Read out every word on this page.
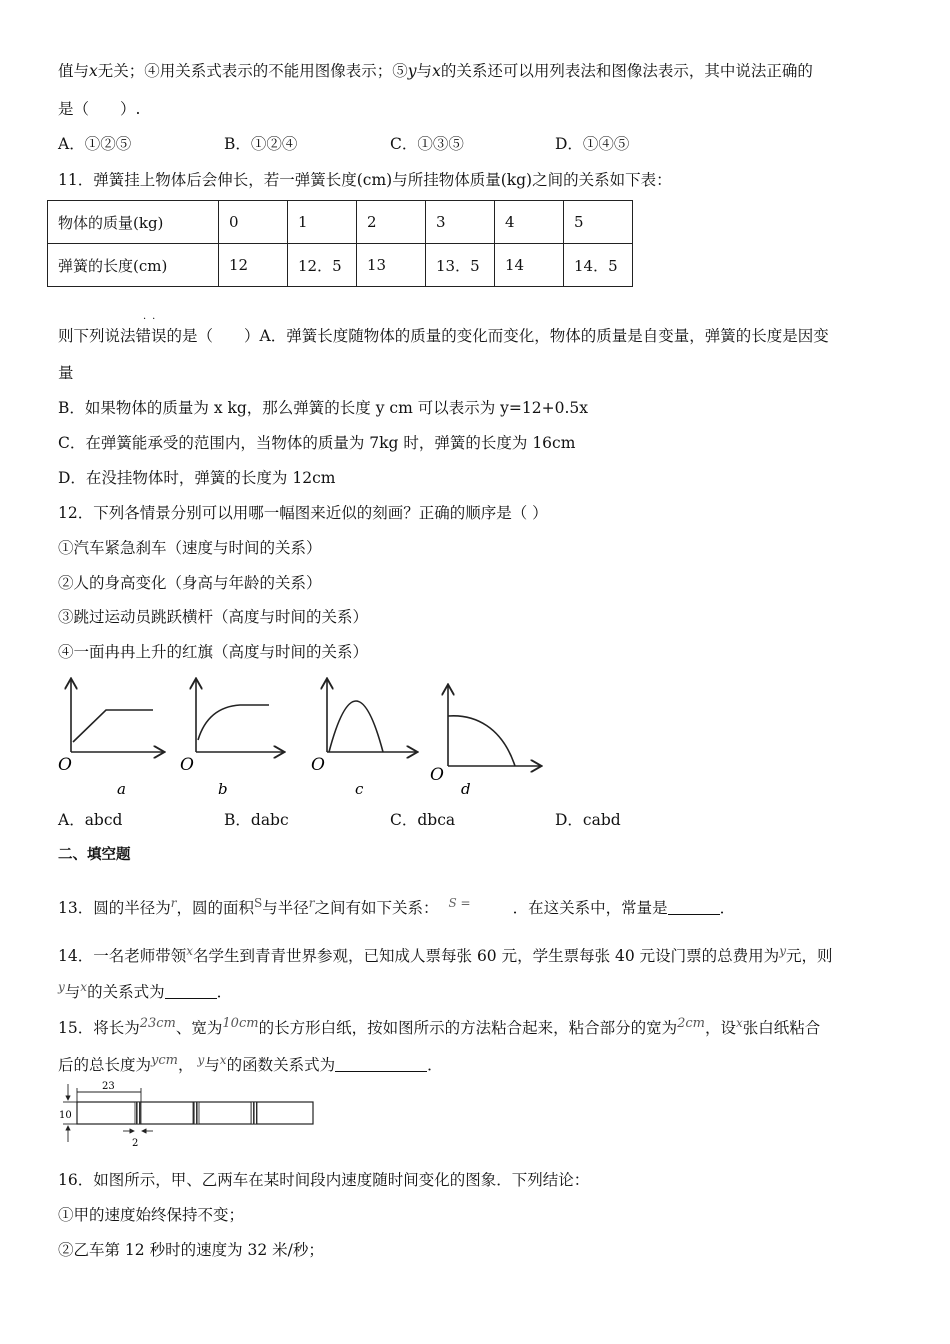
值与x无关；④用关系式表示的不能用图像表示；⑤y与x的关系还可以用列表法和图像法表示，其中说法正确的
是（　　）.
A．①②⑤	B．①②④	C．①③⑤	D．①④⑤
11．弹簧挂上物体后会伸长，若一弹簧长度(cm)与所挂物体质量(kg)之间的关系如下表：
物体的质量(kg)	0	1	2	3	4	5
弹簧的长度(cm)	12	12．5	13	13．5	14	14．5
··
则下列说法错误的是（　　）A．弹簧长度随物体的质量的变化而变化，物体的质量是自变量，弹簧的长度是因变
量
B．如果物体的质量为 x kg，那么弹簧的长度 y cm 可以表示为 y=12+0.5x
C．在弹簧能承受的范围内，当物体的质量为 7kg 时，弹簧的长度为 16cm
D．在没挂物体时，弹簧的长度为 12cm
12．下列各情景分别可以用哪一幅图来近似的刻画？正确的顺序是（ ）
①汽车紧急刹车（速度与时间的关系）
②人的身高变化（身高与年龄的关系）
③跳过运动员跳跃横杆（高度与时间的关系）
④一面冉冉上升的红旗（高度与时间的关系）
O
a
O
b
O
c
O
d
A．abcd	B．dabc	C．dbca	D．cabd
二、填空题
13．圆的半径为$^r$，圆的面积$^S$与半径$^r$之间有如下关系： $^{S =}$	．在这关系中，常量是	．
14．一名老师带领$^x$名学生到青青世界参观，已知成人票每张 60 元，学生票每张 40 元设门票的总费用为$^y$元，则
$^y$与$^x$的关系式为	．
15．将长为$^{23cm}$、宽为$^{10cm}$的长方形白纸，按如图所示的方法粘合起来，粘合部分的宽为$^{2cm}$，设$^x$张白纸粘合
后的总长度为$^{ycm}$， $^y$与$^x$的函数关系式为	．
23
10
2
16．如图所示，甲、乙两车在某时间段内速度随时间变化的图象．下列结论：
①甲的速度始终保持不变；
②乙车第 12 秒时的速度为 32 米/秒；
